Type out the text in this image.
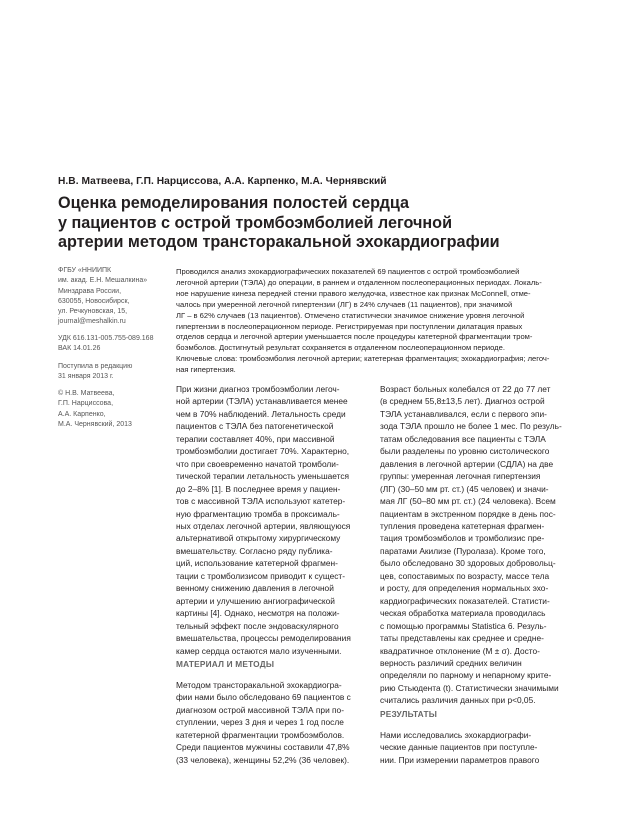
Н.В. Матвеева, Г.П. Нарциссова, А.А. Карпенко, М.А. Чернявский
Оценка ремоделирования полостей сердца
у пациентов с острой тромбоэмболией легочной
артерии методом трансторакальной эхокардиографии
ФГБУ «ННИИПК
им. акад. Е.Н. Мешалкина»
Минздрава России,
630055, Новосибирск,
ул. Речкуновская, 15,
journal@meshalkin.ru
УДК 616.131-005.755-089.168
ВАК 14.01.26
Поступила в редакцию
31 января 2013 г.
© Н.В. Матвеева,
Г.П. Нарциссова,
А.А. Карпенко,
М.А. Чернявский, 2013
Проводился анализ эхокардиографических показателей 69 пациентов с острой тромбоэмболией
легочной артерии (ТЭЛА) до операции, в раннем и отдаленном послеоперационных периодах. Локаль-
ное нарушение кинеза передней стенки правого желудочка, известное как признак McConnell, отме-
чалось при умеренной легочной гипертензии (ЛГ) в 24% случаев (11 пациентов), при значимой
ЛГ – в 62% случаев (13 пациентов). Отмечено статистически значимое снижение уровня легочной
гипертензии в послеоперационном периоде. Регистрируемая при поступлении дилатация правых
отделов сердца и легочной артерии уменьшается после процедуры катетерной фрагментации тром-
боэмболов. Достигнутый результат сохраняется в отдаленном послеоперационном периоде.
Ключевые слова: тромбоэмболия легочной артерии; катетерная фрагментация; эхокардиография; легоч-
ная гипертензия.
При жизни диагноз тромбоэмболии легоч-
ной артерии (ТЭЛА) устанавливается менее
чем в 70% наблюдений. Летальность среди
пациентов с ТЭЛА без патогенетической
терапии составляет 40%, при массивной
тромбоэмболии достигает 70%. Характерно,
что при своевременно начатой тромболи-
тической терапии летальность уменьшается
до 2–8% [1]. В последнее время у пациен-
тов с массивной ТЭЛА используют катетер-
ную фрагментацию тромба в проксималь-
ных отделах легочной артерии, являющуюся
альтернативой открытому хирургическому
вмешательству. Согласно ряду публика-
ций, использование катетерной фрагмен-
тации с тромболизисом приводит к сущест-
венному снижению давления в легочной
артерии и улучшению ангиографической
картины [4]. Однако, несмотря на положи-
тельный эффект после эндоваскулярного
вмешательства, процессы ремоделирования
камер сердца остаются мало изученными.
МАТЕРИАЛ И МЕТОДЫ
Методом трансторакальной эхокардиогра-
фии нами было обследовано 69 пациентов с
диагнозом острой массивной ТЭЛА при по-
ступлении, через 3 дня и через 1 год после
катетерной фрагментации тромбоэмболов.
Среди пациентов мужчины составили 47,8%
(33 человека), женщины 52,2% (36 человек).
Возраст больных колебался от 22 до 77 лет
(в среднем 55,8±13,5 лет). Диагноз острой
ТЭЛА устанавливался, если с первого эпи-
зода ТЭЛА прошло не более 1 мес. По резуль-
татам обследования все пациенты с ТЭЛА
были разделены по уровню систолического
давления в легочной артерии (СДЛА) на две
группы: умеренная легочная гипертензия
(ЛГ) (30–50 мм рт. ст.) (45 человек) и значи-
мая ЛГ (50–80 мм рт. ст.) (24 человека). Всем
пациентам в экстренном порядке в день пос-
тупления проведена катетерная фрагмен-
тация тромбоэмболов и тромболизис пре-
паратами Акилизе (Пуролаза). Кроме того,
было обследовано 30 здоровых добровольц-
цев, сопоставимых по возрасту, массе тела
и росту, для определения нормальных эхо-
кардиографических показателей. Статисти-
ческая обработка материала проводилась
с помощью программы Statistica 6. Резуль-
таты представлены как среднее и средне-
квадратичное отклонение (M ± σ). Досто-
верность различий средних величин
определяли по парному и непарному крите-
рию Стьюдента (t). Статистически значимыми
считались различия данных при p<0,05.
РЕЗУЛЬТАТЫ
Нами исследовались эхокардиографи-
ческие данные пациентов при поступле-
нии. При измерении параметров правого
